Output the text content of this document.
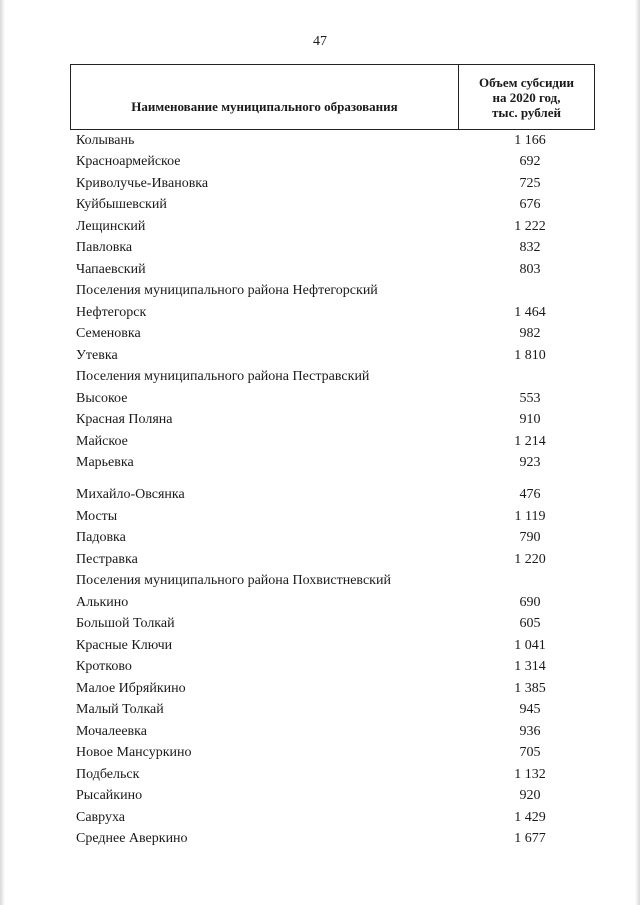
47
Наименование муниципального образования
Объем субсидии
на 2020 год,
тыс. рублей
Колывань	1 166
Красноармейское	692
Криволучье-Ивановка	725
Куйбышевский	676
Лещинский	1 222
Павловка	832
Чапаевский	803
Поселения муниципального района Нефтегорский
Нефтегорск	1 464
Семеновка	982
Утевка	1 810
Поселения муниципального района Пестравский
Высокое	553
Красная Поляна	910
Майское	1 214
Марьевка	923
Михайло-Овсянка	476
Мосты	1 119
Падовка	790
Пестравка	1 220
Поселения муниципального района Похвистневский
Алькино	690
Большой Толкай	605
Красные Ключи	1 041
Кротково	1 314
Малое Ибряйкино	1 385
Малый Толкай	945
Мочалеевка	936
Новое Мансуркино	705
Подбельск	1 132
Рысайкино	920
Савруха	1 429
Среднее Аверкино	1 677
